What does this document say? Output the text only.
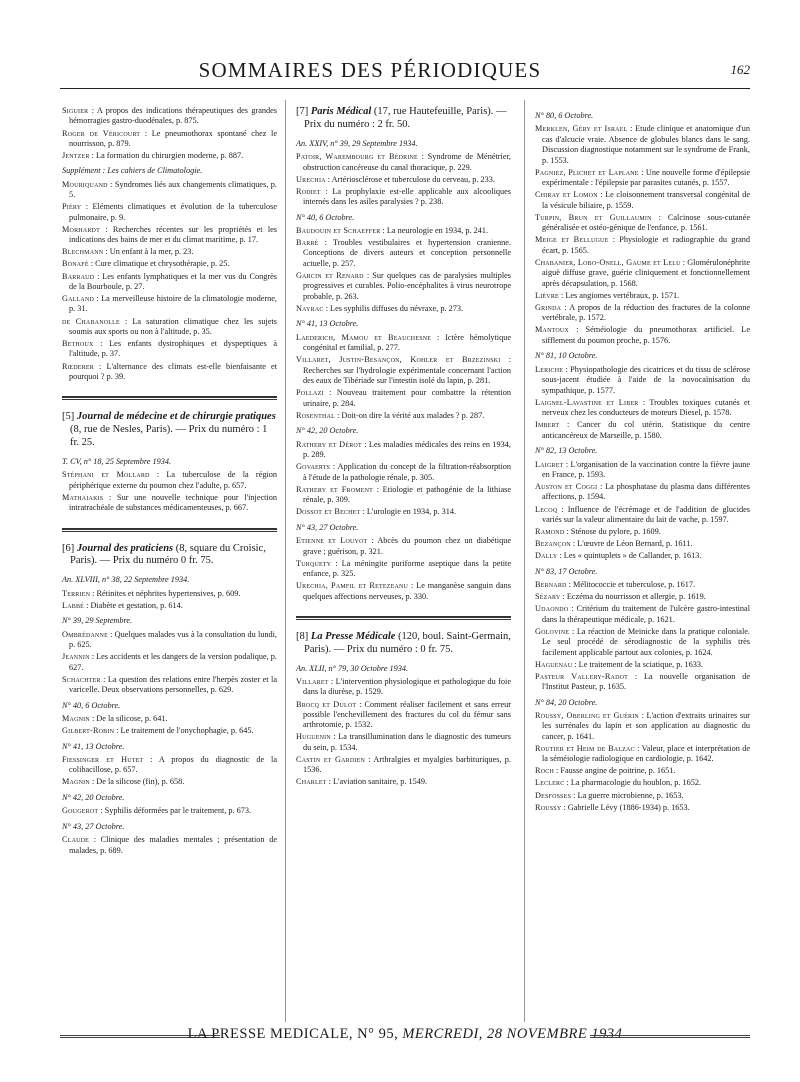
SOMMAIRES DES PÉRIODIQUES	162
Siguier : A propos des indications thérapeutiques des grandes hémorragies gastro-duodénales, p. 875.
Roger de Véricourt : Le pneumothorax spontané chez le nourrisson, p. 879.
Jentzer : La formation du chirurgien moderne, p. 887.
Supplément : Les cahiers de Climatologie.
Mouriquand : Syndromes liés aux changements climatiques, p. 5.
Piéry : Eléments climatiques et évolution de la tuberculose pulmonaire, p. 9.
Morhardt : Recherches récentes sur les propriétés et les indications des bains de mer et du climat maritime, p. 17.
Blechmann : Un enfant à la mer, p. 23.
Bonafé : Cure climatique et chrysothérapie, p. 25.
Barraud : Les enfants lymphatiques et la mer vus du Congrès de la Bourboule, p. 27.
Galland : La merveilleuse histoire de la climatologie moderne, p. 31.
de Chabanolle : La saturation climatique chez les sujets soumis aux sports ou non à l'altitude, p. 35.
Bethoux : Les enfants dystrophiques et dyspeptiques à l'altitude, p. 37.
Rœderer : L'alternance des climats est-elle bienfaisante et pourquoi ? p. 39.
[5] Journal de médecine et de chirurgie pratiques (8, rue de Nesles, Paris). — Prix du numéro : 1 fr. 25.
T. CV, n° 18, 25 Septembre 1934.
Stéphani et Mollard : La tuberculose de la région périphérique externe du poumon chez l'adulte, p. 657.
Mathaiakis : Sur une nouvelle technique pour l'injection intratrachéale de substances médicamenteuses, p. 667.
[6] Journal des praticiens (8, square du Croisic, Paris). — Prix du numéro 0 fr. 75.
An. XLVIII, n° 38, 22 Septembre 1934.
Terrien : Rétinites et néphrites hypertensives, p. 609.
Labbé : Diabète et gestation, p. 614.
N° 39, 29 Septembre.
Ombrédanne : Quelques malades vus à la consultation du lundi, p. 625.
Jeannin : Les accidents et les dangers de la version podalique, p. 627.
Schachter : La question des relations entre l'herpès zoster et la varicelle. Deux observations personnelles, p. 629.
N° 40, 6 Octobre.
Magnin : De la silicose, p. 641.
Gilbert-Robin : Le traitement de l'onychophagie, p. 645.
N° 41, 13 Octobre.
Fiessinger et Hutet : A propos du diagnostic de la colibacillose, p. 657.
Magnin : De la silicose (fin), p. 658.
N° 42, 20 Octobre.
Gougerot : Syphilis déformées par le traitement, p. 673.
N° 43, 27 Octobre.
Claude : Clinique des maladies mentales ; présentation de malades, p. 689.
[7] Paris Médical (17, rue Hautefeuille, Paris). — Prix du numéro : 2 fr. 50.
An. XXIV, n° 39, 29 Septembre 1934.
Patoir, Warembourg et Bédrine : Syndrome de Ménétrier, obstruction cancéreuse du canal thoracique, p. 229.
Urechia : Artériosclérose et tuberculose du cerveau, p. 233.
Rodiet : La prophylaxie est-elle applicable aux alcooliques internés dans les asiles paralysies ? p. 238.
N° 40, 6 Octobre.
Baudouin et Schaeffer : La neurologie en 1934, p. 241.
Barré : Troubles vestibulaires et hypertension cranienne. Conceptions de divers auteurs et conception personnelle actuelle, p. 257.
Garcin et Renard : Sur quelques cas de paralysies multiples progressives et curables. Polio-encéphalites à virus neurotrope probable, p. 263.
Nayrac : Les syphilis diffuses du névraxe, p. 273.
N° 41, 13 Octobre.
Laederich, Mamou et Beauchesne : Ictère hémolytique congénital et familial, p. 277.
Villaret, Justin-Besançon, Kohler et Brzezinski : Recherches sur l'hydrologie expérimentale concernant l'action des eaux de Tibériade sur l'intestin isolé du lapin, p. 281.
Pollazi : Nouveau traitement pour combattre la rétention urinaire, p. 284.
Rosenthal : Doit-on dire la vérité aux malades ? p. 287.
N° 42, 20 Octobre.
Rathery et Dérot : Les maladies médicales des reins en 1934, p. 289.
Govaerts : Application du concept de la filtration-réabsorption à l'étude de la pathologie rénale, p. 305.
Rathery et Froment : Etiologie et pathogénie de la lithiase rénale, p. 309.
Dossot et Bechet : L'urologie en 1934, p. 314.
N° 43, 27 Octobre.
Etienne et Louyot : Abcès du poumon chez un diabétique grave ; guérison, p. 321.
Turquety : La méningite puriforme aseptique dans la petite enfance, p. 325.
Urechia, Pamfil et Retezeanu : Le manganèse sanguin dans quelques affections nerveuses, p. 330.
[8] La Presse Médicale (120, boul. Saint-Germain, Paris). — Prix du numéro : 0 fr. 75.
An. XLII, n° 79, 30 Octobre 1934.
Villaret : L'intervention physiologique et pathologique du foie dans la diurèse, p. 1529.
Brocq et Dulot : Comment réaliser facilement et sans erreur possible l'enchevillement des fractures du col du fémur sans arthrotomie, p. 1532.
Huguenin : La transillumination dans le diagnostic des tumeurs du sein, p. 1534.
Castin et Gardien : Arthralgies et myalgies barbituriques, p. 1536.
Charlet : L'aviation sanitaire, p. 1549.
N° 80, 6 Octobre.
Merklen, Géry et Israel : Etude clinique et anatomique d'un cas d'alcucie vraie. Absence de globules blancs dans le sang. Discussion diagnostique notamment sur le syndrome de Frank, p. 1553.
Pagniez, Plichet et Laplane : Une nouvelle forme d'épilepsie expérimentale : l'épilepsie par parasites cutanés, p. 1557.
Chiray et Lomon : Le cloisonnement transversal congénital de la vésicule biliaire, p. 1559.
Turpin, Brun et Guillaumin : Calcinose sous-cutanée généralisée et ostéo-génique de l'enfance, p. 1561.
Meige et Bellugue : Physiologie et radiographie du grand écart, p. 1565.
Chabanier, Lobo-Onell, Gaume et Lelu : Glomérulonéphrite aiguë diffuse grave, guérie cliniquement et fonctionnellement après décapsulation, p. 1568.
Lièvre : Les angiomes vertébraux, p. 1571.
Grinda : A propos de la réduction des fractures de la colonne vertébrale, p. 1572.
Mantoux : Séméiologie du pneumothorax artificiel. Le sifflement du poumon proche, p. 1576.
N° 81, 10 Octobre.
Leriche : Physiopathologie des cicatrices et du tissu de sclérose sous-jacent étudiée à l'aide de la novocaïnisation du sympathique, p. 1577.
Laignel-Lavastine et Liber : Troubles toxiques cutanés et nerveux chez les conducteurs de moteurs Diesel, p. 1578.
Imbert : Cancer du col utérin. Statistique du centre anticancéreux de Marseille, p. 1580.
N° 82, 13 Octobre.
Laigret : L'organisation de la vaccination contre la fièvre jaune en France, p. 1593.
Auston et Coggi : La phosphatase du plasma dans différentes affections, p. 1594.
Lecoq : Influence de l'écrémage et de l'addition de glucides variés sur la valeur alimentaire du lait de vache, p. 1597.
Ramond : Sténose du pylore, p. 1609.
Bezançon : L'œuvre de Léon Bernard, p. 1611.
Dally : Les « quintuplets » de Callander, p. 1613.
N° 83, 17 Octobre.
Bernard : Mélitococcie et tuberculose, p. 1617.
Sézary : Eczéma du nourrisson et allergie, p. 1619.
Udaondo : Critérium du traitement de l'ulcère gastro-intestinal dans la thérapeutique médicale, p. 1621.
Golovine : La réaction de Meinicke dans la pratique coloniale. Le seul procédé de sérodiagnostic de la syphilis très facilement applicable partout aux colonies, p. 1624.
Haguenau : Le traitement de la sciatique, p. 1633.
Pasteur Vallery-Radot : La nouvelle organisation de l'Institut Pasteur, p. 1635.
N° 84, 20 Octobre.
Roussy, Oberling et Guérin : L'action d'extraits urinaires sur les surrénales du lapin et son application au diagnostic du cancer, p. 1641.
Routier et Heim de Balzac : Valeur, place et interprétation de la séméiologie radiologique en cardiologie, p. 1642.
Roch : Fausse angine de poitrine, p. 1651.
Leclerc : La pharmacologie du houblon, p. 1652.
Desfosses : La guerre microbienne, p. 1653.
Roussy : Gabrielle Lévy (1886-1934) p. 1653.
LA PRESSE MEDICALE, N° 95, MERCREDI, 28 NOVEMBRE 1934
